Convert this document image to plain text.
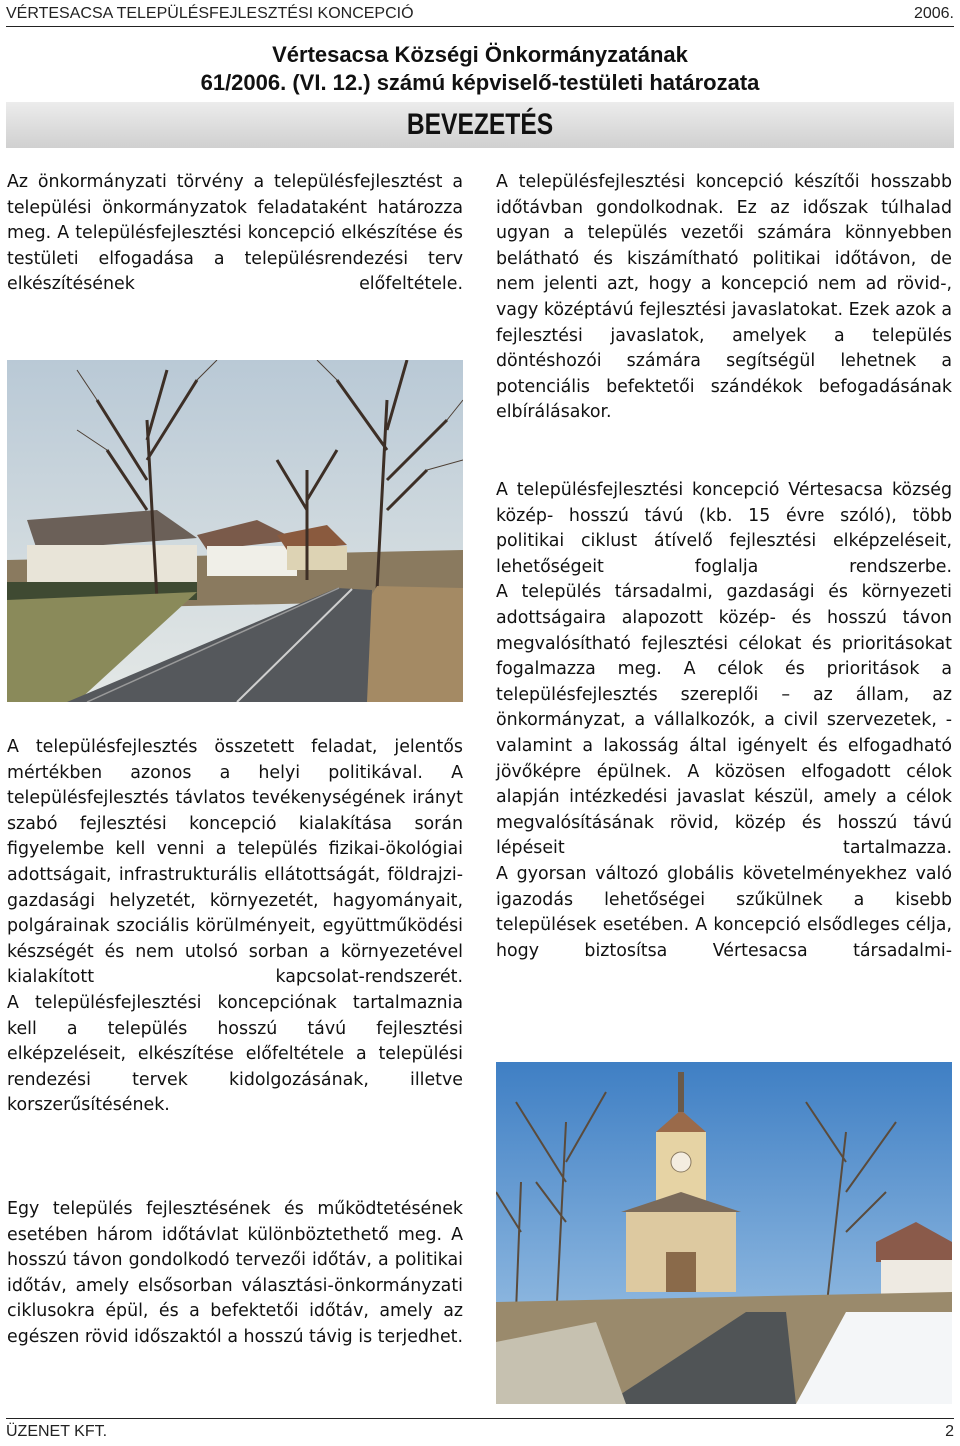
VÉRTESACSA TELEPÜLÉSFEJLESZTÉSI KONCEPCIÓ	2006.
Vértesacsa Községi Önkormányzatának
61/2006. (VI. 12.) számú képviselő-testületi határozata
BEVEZETÉS

Az önkormányzati törvény a településfejlesztést a települési önkormányzatok feladataként határozza meg. A településfejlesztési koncepció elkészítése és testületi elfogadása a településrendezési terv elkészítésének előfeltétele.

A településfejlesztés összetett feladat, jelentős mértékben azonos a helyi politikával. A településfejlesztés távlatos tevékenységének irányt szabó fejlesztési koncepció kialakítása során figyelembe kell venni a település fizikai-ökológiai adottságait, infrastrukturális ellátottságát, földrajzi-gazdasági helyzetét, környezetét, hagyományait, polgárainak szociális körülményeit, együttműködési készségét és nem utolsó sorban a környezetével kialakított kapcsolat-rendszerét.

A településfejlesztési koncepciónak tartalmaznia kell a település hosszú távú fejlesztési elképzeléseit, elkészítése előfeltétele a települési rendezési tervek kidolgozásának, illetve korszerűsítésének.

Egy település fejlesztésének és működtetésének esetében három időtávlat különböztethető meg. A hosszú távon gondolkodó tervezői időtáv, a politikai időtáv, amely elsősorban választási-önkormányzati ciklusokra épül, és a befektetői időtáv, amely az egészen rövid időszaktól a hosszú távig is terjedhet.

A településfejlesztési koncepció készítői hosszabb időtávban gondolkodnak. Ez az időszak túlhalad ugyan a település vezetői számára könnyebben belátható és kiszámítható politikai időtávon, de nem jelenti azt, hogy a koncepció nem ad rövid-, vagy középtávú fejlesztési javaslatokat. Ezek azok a fejlesztési javaslatok, amelyek a település döntéshozói számára segítségül lehetnek a potenciális befektetői szándékok befogadásának elbírálásakor.

A településfejlesztési koncepció Vértesacsa község közép- hosszú távú (kb. 15 évre szóló), több politikai ciklust átívelő fejlesztési elképzeléseit, lehetőségeit foglalja rendszerbe.

A település társadalmi, gazdasági és környezeti adottságaira alapozott közép- és hosszú távon megvalósítható fejlesztési célokat és prioritásokat fogalmazza meg. A célok és prioritások a településfejlesztés szereplői – az állam, az önkormányzat, a vállalkozók, a civil szervezetek, - valamint a lakosság által igényelt és elfogadható jövőképre épülnek. A közösen elfogadott célok alapján intézkedési javaslat készül, amely a célok megvalósításának rövid, közép és hosszú távú lépéseit tartalmazza.

A gyorsan változó globális követelményekhez való igazodás lehetőségei szűkülnek a kisebb települések esetében. A koncepció elsődleges célja, hogy biztosítsa Vértesacsa társadalmi-

ÜZENET KFT.	2
